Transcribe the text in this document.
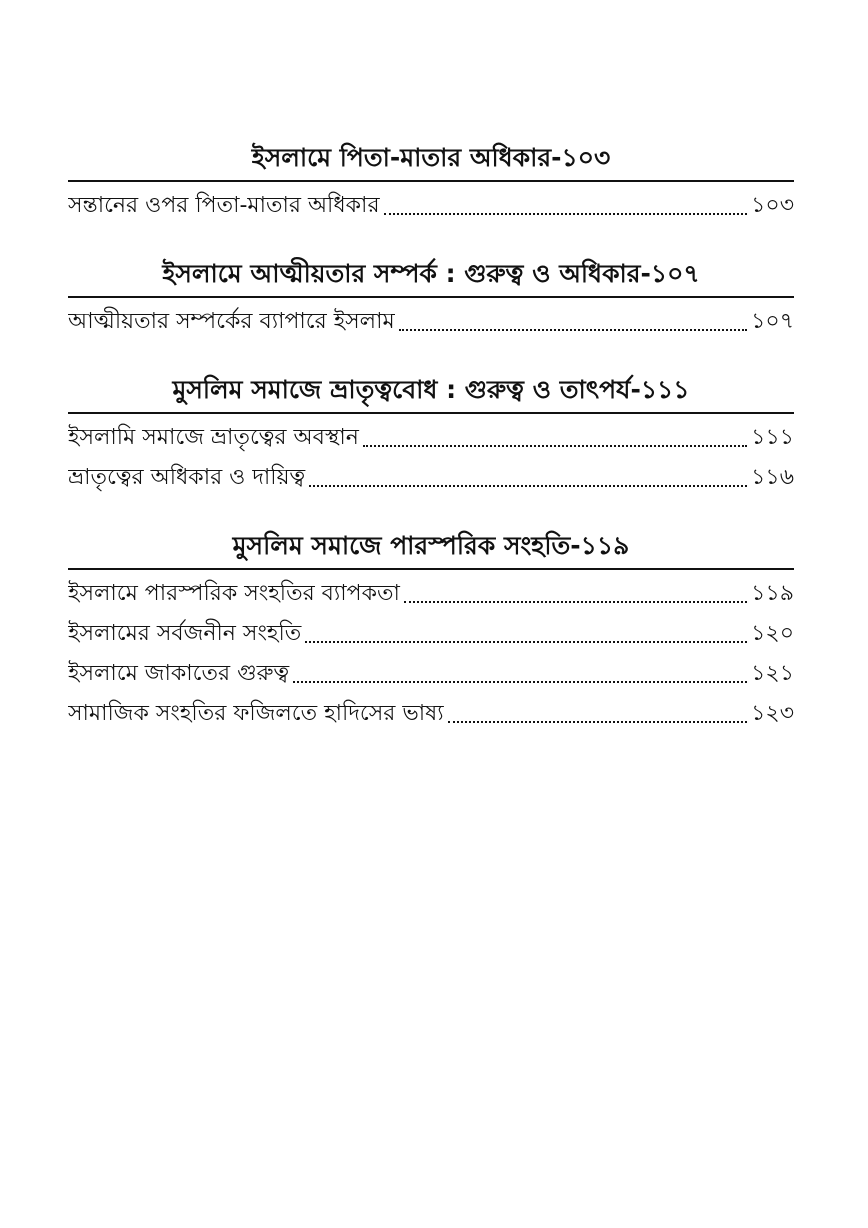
ইসলামে পিতা-মাতার অধিকার-১০৩
সন্তানের ওপর পিতা-মাতার অধিকার	১০৩
ইসলামে আত্মীয়তার সম্পর্ক : গুরুত্ব ও অধিকার-১০৭
আত্মীয়তার সম্পর্কের ব্যাপারে ইসলাম	১০৭
মুসলিম সমাজে ভ্রাতৃত্ববোধ : গুরুত্ব ও তাৎপর্য-১১১
ইসলামি সমাজে ভ্রাতৃত্বের অবস্থান	১১১
ভ্রাতৃত্বের অধিকার ও দায়িত্ব	১১৬
মুসলিম সমাজে পারস্পরিক সংহতি-১১৯
ইসলামে পারস্পরিক সংহতির ব্যাপকতা	১১৯
ইসলামের সর্বজনীন সংহতি	১২০
ইসলামে জাকাতের গুরুত্ব	১২১
সামাজিক সংহতির ফজিলতে হাদিসের ভাষ্য	১২৩
